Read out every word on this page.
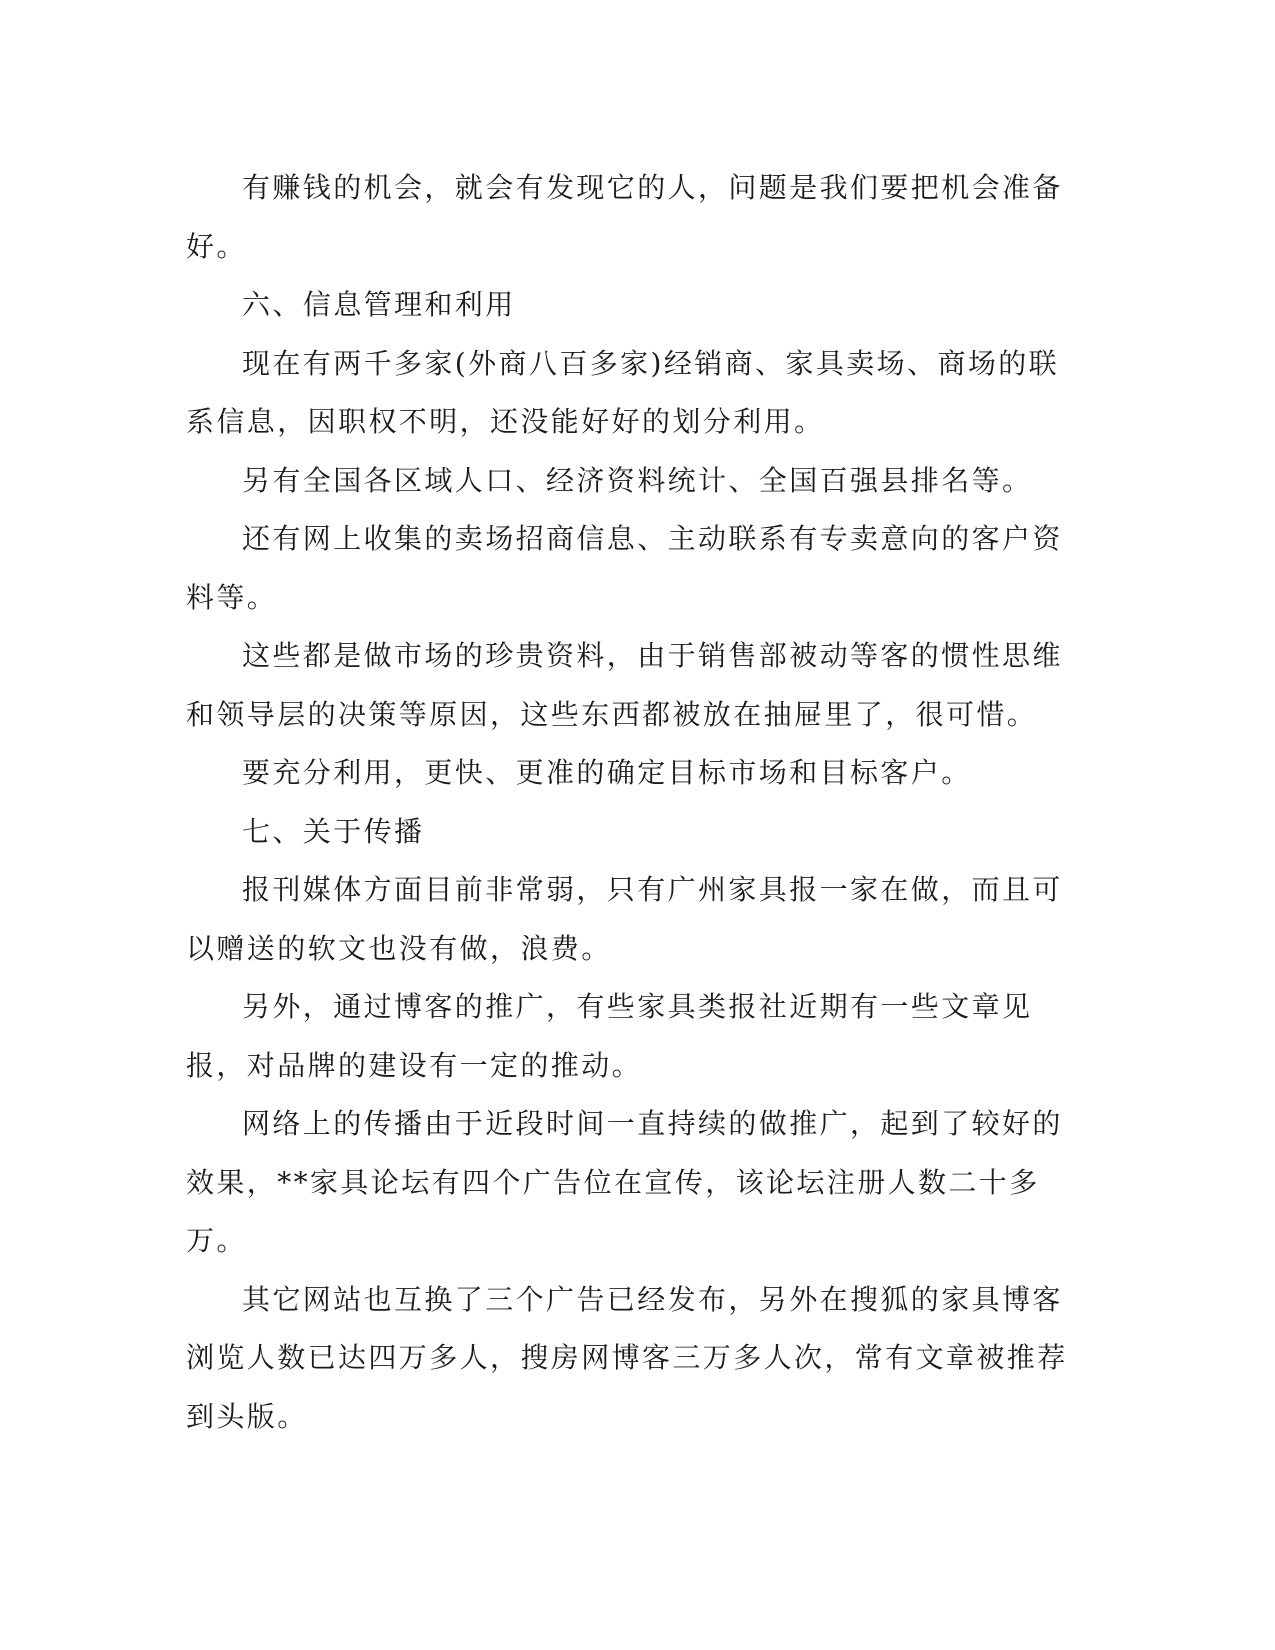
有赚钱的机会，就会有发现它的人，问题是我们要把机会准备好。

六、信息管理和利用

现在有两千多家(外商八百多家)经销商、家具卖场、商场的联系信息，因职权不明，还没能好好的划分利用。

另有全国各区域人口、经济资料统计、全国百强县排名等。

还有网上收集的卖场招商信息、主动联系有专卖意向的客户资料等。

这些都是做市场的珍贵资料，由于销售部被动等客的惯性思维和领导层的决策等原因，这些东西都被放在抽屉里了，很可惜。

要充分利用，更快、更准的确定目标市场和目标客户。

七、关于传播

报刊媒体方面目前非常弱，只有广州家具报一家在做，而且可以赠送的软文也没有做，浪费。

另外，通过博客的推广，有些家具类报社近期有一些文章见报，对品牌的建设有一定的推动。

网络上的传播由于近段时间一直持续的做推广，起到了较好的效果，**家具论坛有四个广告位在宣传，该论坛注册人数二十多万。

其它网站也互换了三个广告已经发布，另外在搜狐的家具博客浏览人数已达四万多人，搜房网博客三万多人次，常有文章被推荐到头版。
